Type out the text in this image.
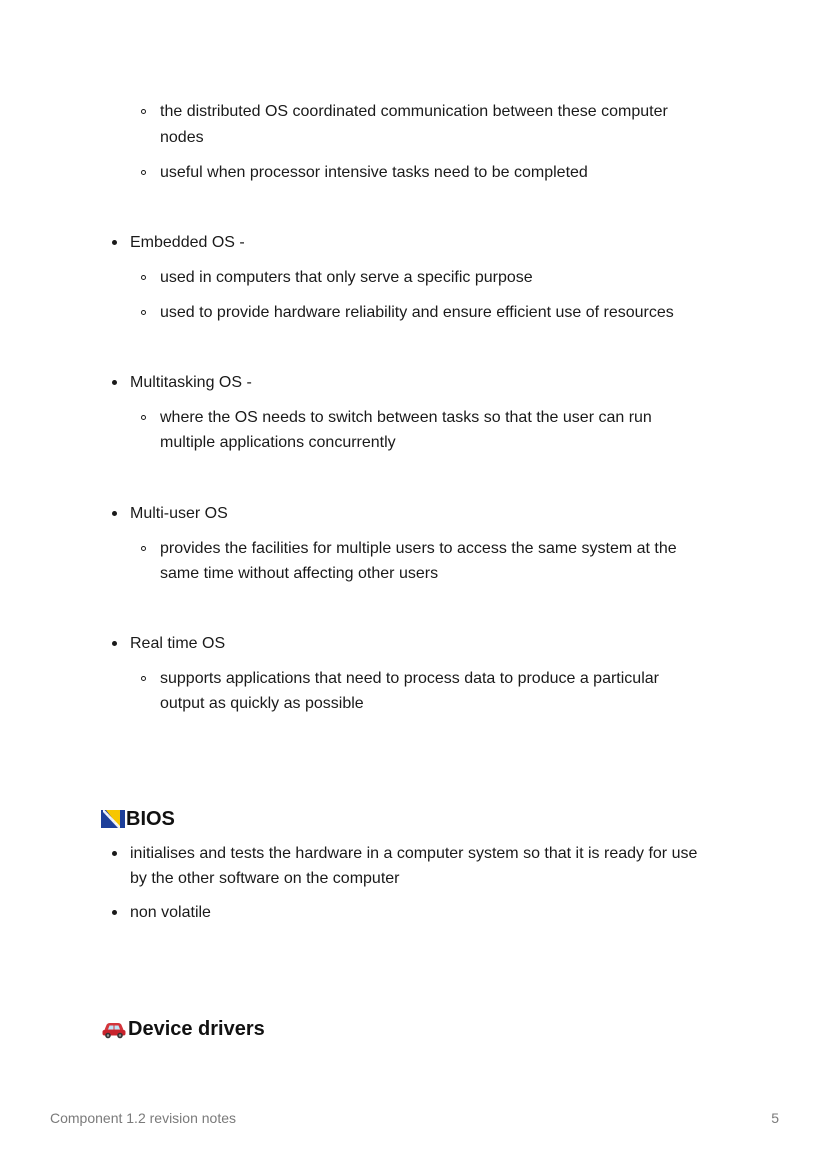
the distributed OS coordinated communication between these computer
nodes
useful when processor intensive tasks need to be completed
Embedded OS -
used in computers that only serve a specific purpose
used to provide hardware reliability and ensure efficient use of resources
Multitasking OS -
where the OS needs to switch between tasks so that the user can run
multiple applications concurrently
Multi-user OS
provides the facilities for multiple users to access the same system at the
same time without affecting other users
Real time OS
supports applications that need to process data to produce a particular
output as quickly as possible
BIOS
initialises and tests the hardware in a computer system so that it is ready for use
by the other software on the computer
non volatile
Device drivers
Component 1.2 revision notes	5
